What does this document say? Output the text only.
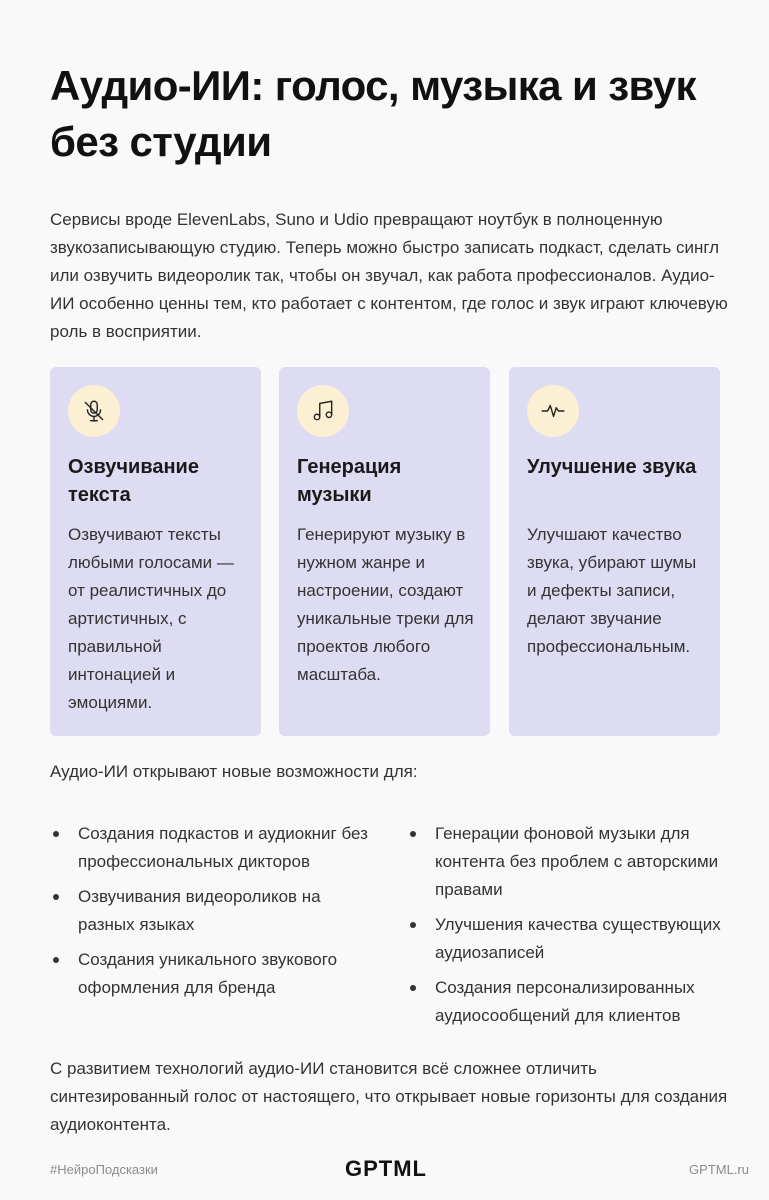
Аудио-ИИ: голос, музыка и звук без студии

Сервисы вроде ElevenLabs, Suno и Udio превращают ноутбук в полноценную звукозаписывающую студию. Теперь можно быстро записать подкаст, сделать сингл или озвучить видеоролик так, чтобы он звучал, как работа профессионалов. Аудио-ИИ особенно ценны тем, кто работает с контентом, где голос и звук играют ключевую роль в восприятии.

Озвучивание текста

Озвучивают тексты любыми голосами — от реалистичных до артистичных, с правильной интонацией и эмоциями.

Генерация музыки

Генерируют музыку в нужном жанре и настроении, создают уникальные треки для проектов любого масштаба.

Улучшение звука

Улучшают качество звука, убирают шумы и дефекты записи, делают звучание профессиональным.

Аудио-ИИ открывают новые возможности для:

Создания подкастов и аудиокниг без профессиональных дикторов
Озвучивания видеороликов на разных языках
Создания уникального звукового оформления для бренда
Генерации фоновой музыки для контента без проблем с авторскими правами
Улучшения качества существующих аудиозаписей
Создания персонализированных аудиосообщений для клиентов

С развитием технологий аудио-ИИ становится всё сложнее отличить синтезированный голос от настоящего, что открывает новые горизонты для создания аудиоконтента.

#НейроПодсказки	GPTML	GPTML.ru
